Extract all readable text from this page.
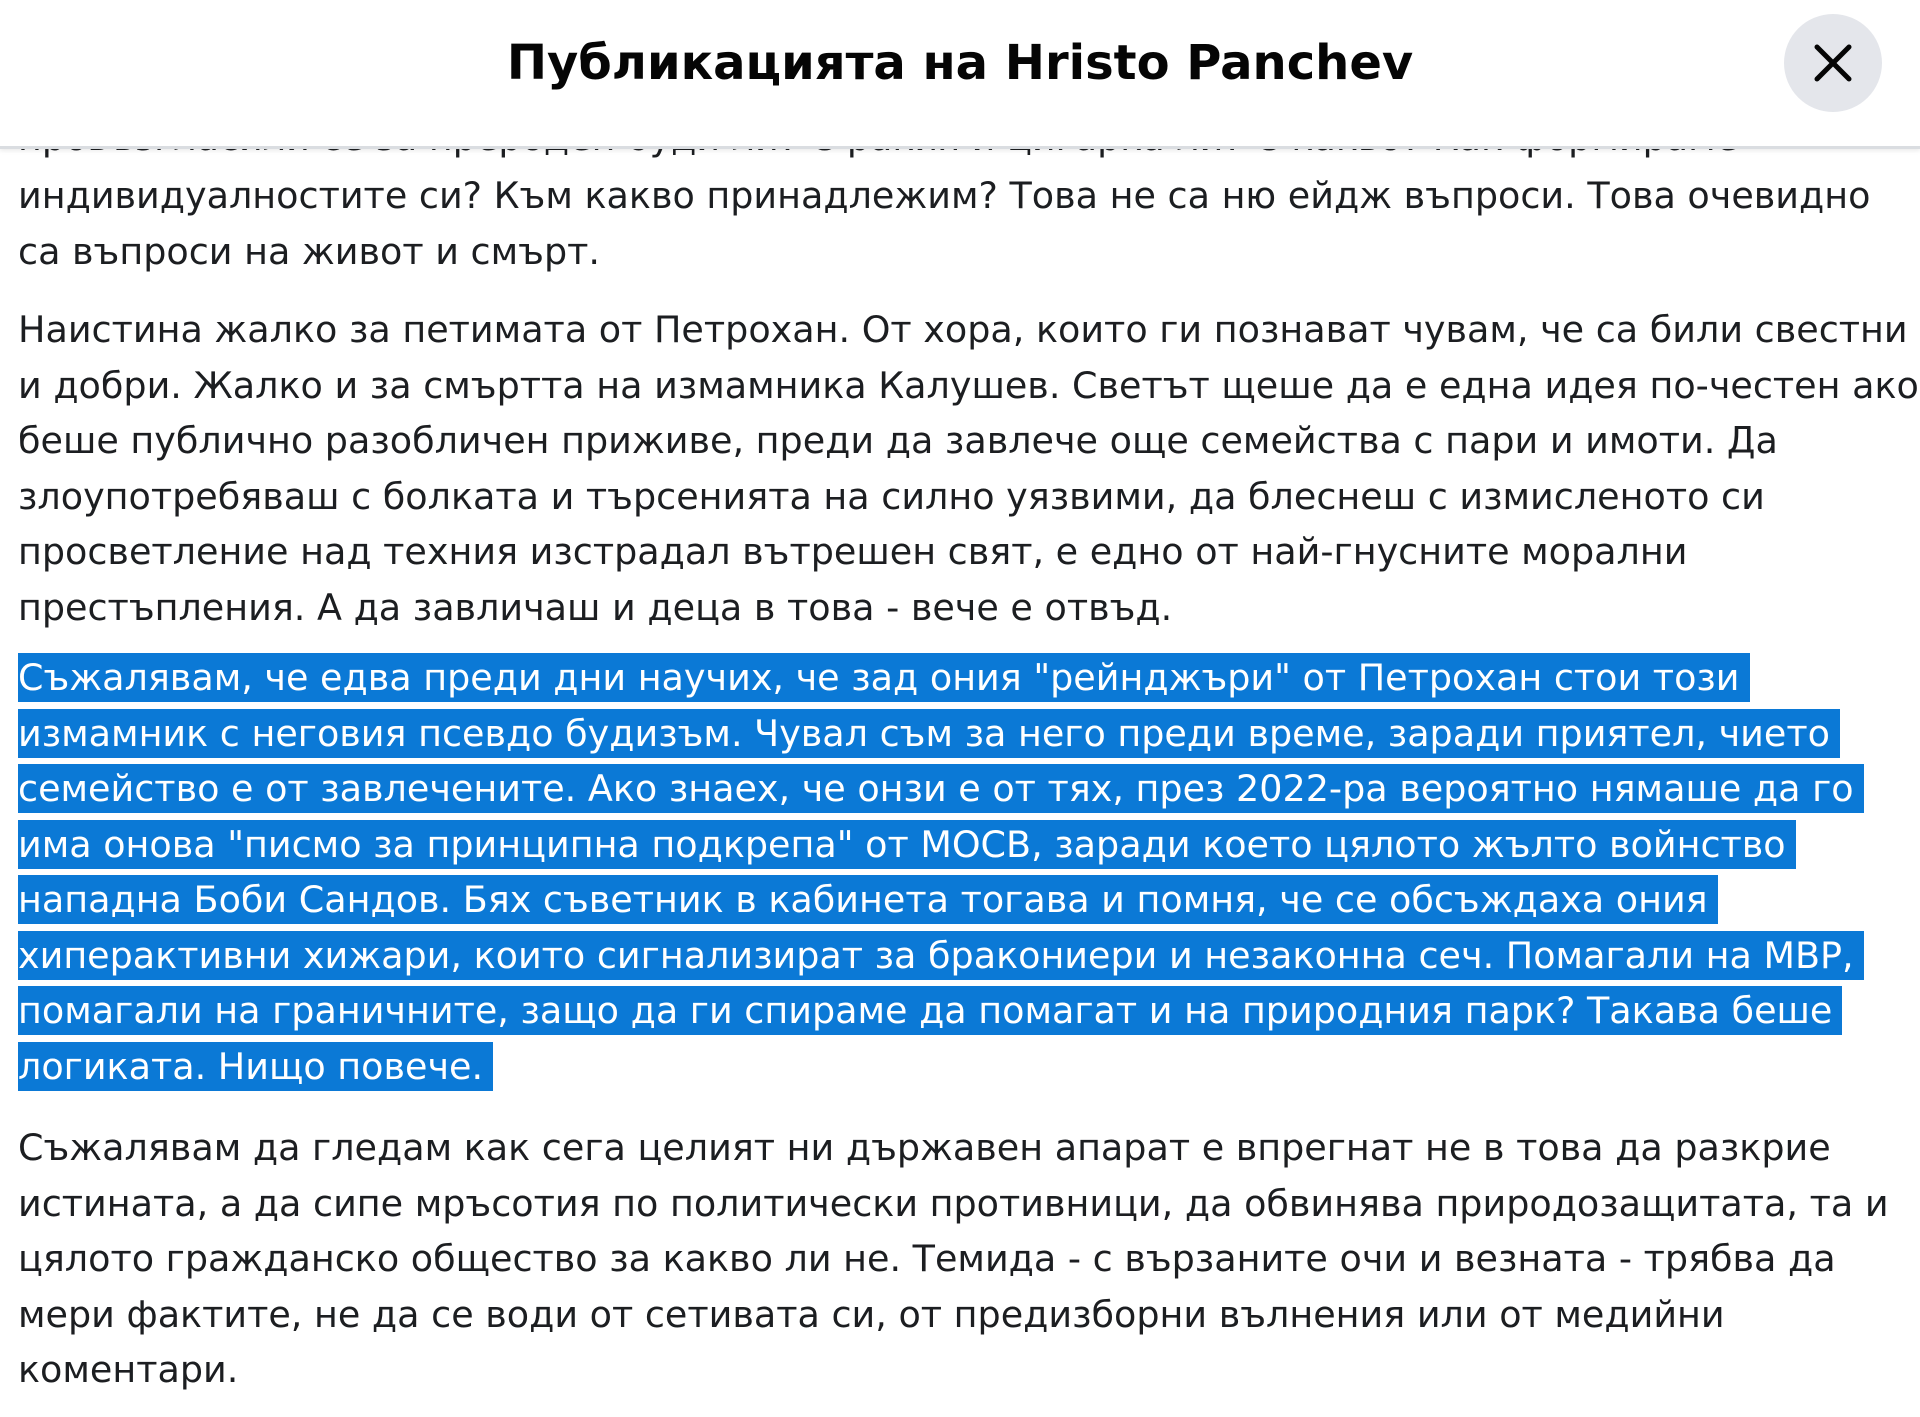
индивидуалностите си? Към какво принадлежим? Това не са ню ейдж въпроси. Това очевидно
са въпроси на живот и смърт.

Наистина жалко за петимата от Петрохан. От хора, които ги познават чувам, че са били свестни
и добри. Жалко и за смъртта на измамника Калушев. Светът щеше да е една идея по-честен ако
беше публично разобличен приживе, преди да завлече още семейства с пари и имоти. Да
злоупотребяваш с болката и търсенията на силно уязвими, да блеснеш с измисленото си
просветление над техния изстрадал вътрешен свят, е едно от най-гнусните морални
престъпления. А да завличаш и деца в това - вече е отвъд.

Съжалявам, че едва преди дни научих, че зад ония "рейнджъри" от Петрохан стои този
измамник с неговия псевдо будизъм. Чувал съм за него преди време, заради приятел, чието
семейство е от завлечените. Ако знаех, че онзи е от тях, през 2022-ра вероятно нямаше да го
има онова "писмо за принципна подкрепа" от МОСВ, заради което цялото жълто войнство
нападна Боби Сандов. Бях съветник в кабинета тогава и помня, че се обсъждаха ония
хиперактивни хижари, които сигнализират за бракониери и незаконна сеч. Помагали на МВР,
помагали на граничните, защо да ги спираме да помагат и на природния парк? Такава беше
логиката. Нищо повече.

Съжалявам да гледам как сега целият ни държавен апарат е впрегнат не в това да разкрие
истината, а да сипе мръсотия по политически противници, да обвинява природозащитата, та и
цялото гражданско общество за какво ли не. Темида - с вързаните очи и везната - трябва да
мери фактите, не да се води от сетивата си, от предизборни вълнения или от медийни
коментари.

Публикацията на Hristo Panchev
